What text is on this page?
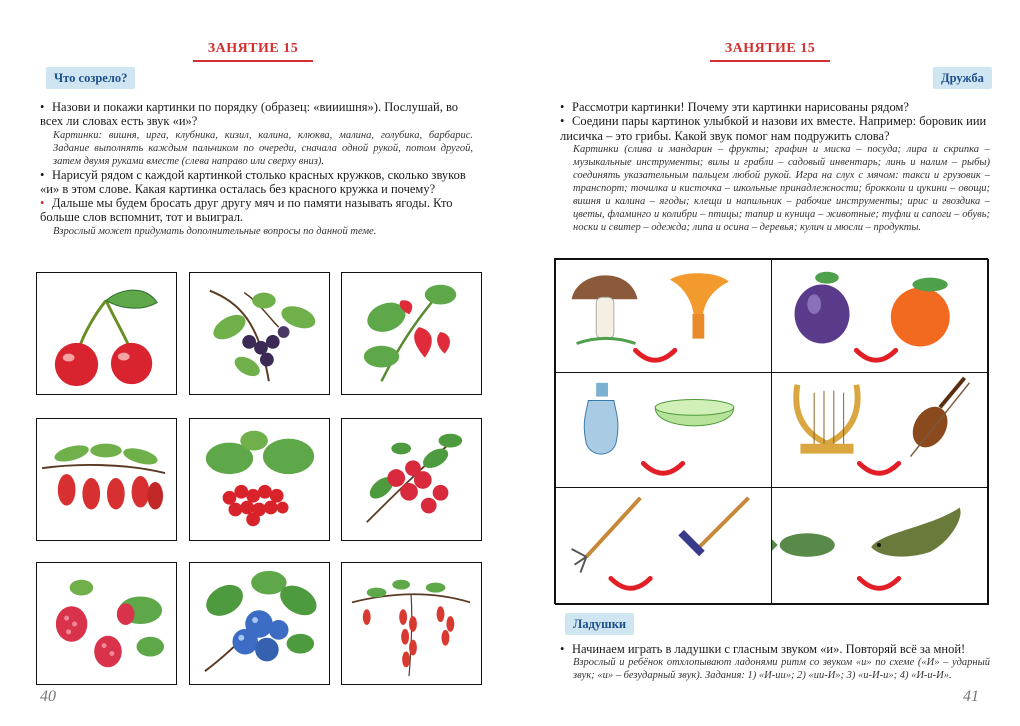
ЗАНЯТИЕ 15
Что созрело?
• Назови и покажи картинки по порядку (образец: «вииишня»). Послушай, во всех ли словах есть звук «и»?
Картинки: вишня, ирга, клубника, кизил, калина, клюква, малина, голубика, барбарис. Задание выполнять каждым пальчиком по очереди, сначала одной рукой, потом другой, затем двумя руками вместе (слева направо или сверху вниз).
• Нарисуй рядом с каждой картинкой столько красных кружков, сколько звуков «и» в этом слове. Какая картинка осталась без красного кружка и почему?
• Дальше мы будем бросать друг другу мяч и по памяти называть ягоды. Кто больше слов вспомнит, тот и выиграл.
Взрослый может придумать дополнительные вопросы по данной теме.
40
ЗАНЯТИЕ 15
Дружба
• Рассмотри картинки! Почему эти картинки нарисованы рядом?
• Соедини пары картинок улыбкой и назови их вместе. Например: боровик иии лисичка – это грибы. Какой звук помог нам подружить слова?
Картинки (слива и мандарин – фрукты; графин и миска – посуда; лира и скрипка – музыкальные инструменты; вилы и грабли – садовый инвентарь; линь и налим – рыбы) соединять указательным пальцем любой рукой. Игра на слух с мячом: такси и грузовик – транспорт; точилка и кисточка – школьные принадлежности; брокколи и цукини – овощи; вишня и калина – ягоды; клещи и напильник – рабочие инструменты; ирис и гвоздика – цветы, фламинго и колибри – птицы; тапир и куница – животные; туфли и сапоги – обувь; носки и свитер – одежда; липа и осина – деревья; кулич и мюсли – продукты.
Ладушки
• Начинаем играть в ладушки с гласным звуком «и». Повторяй всё за мной!
Взрослый и ребёнок отхлопывают ладонями ритм со звуком «и» по схеме («И» – ударный звук; «и» – безударный звук). Задания: 1) «И-ии»; 2) «ии-И»; 3) «и-И-и»; 4) «И-и-И».
41
